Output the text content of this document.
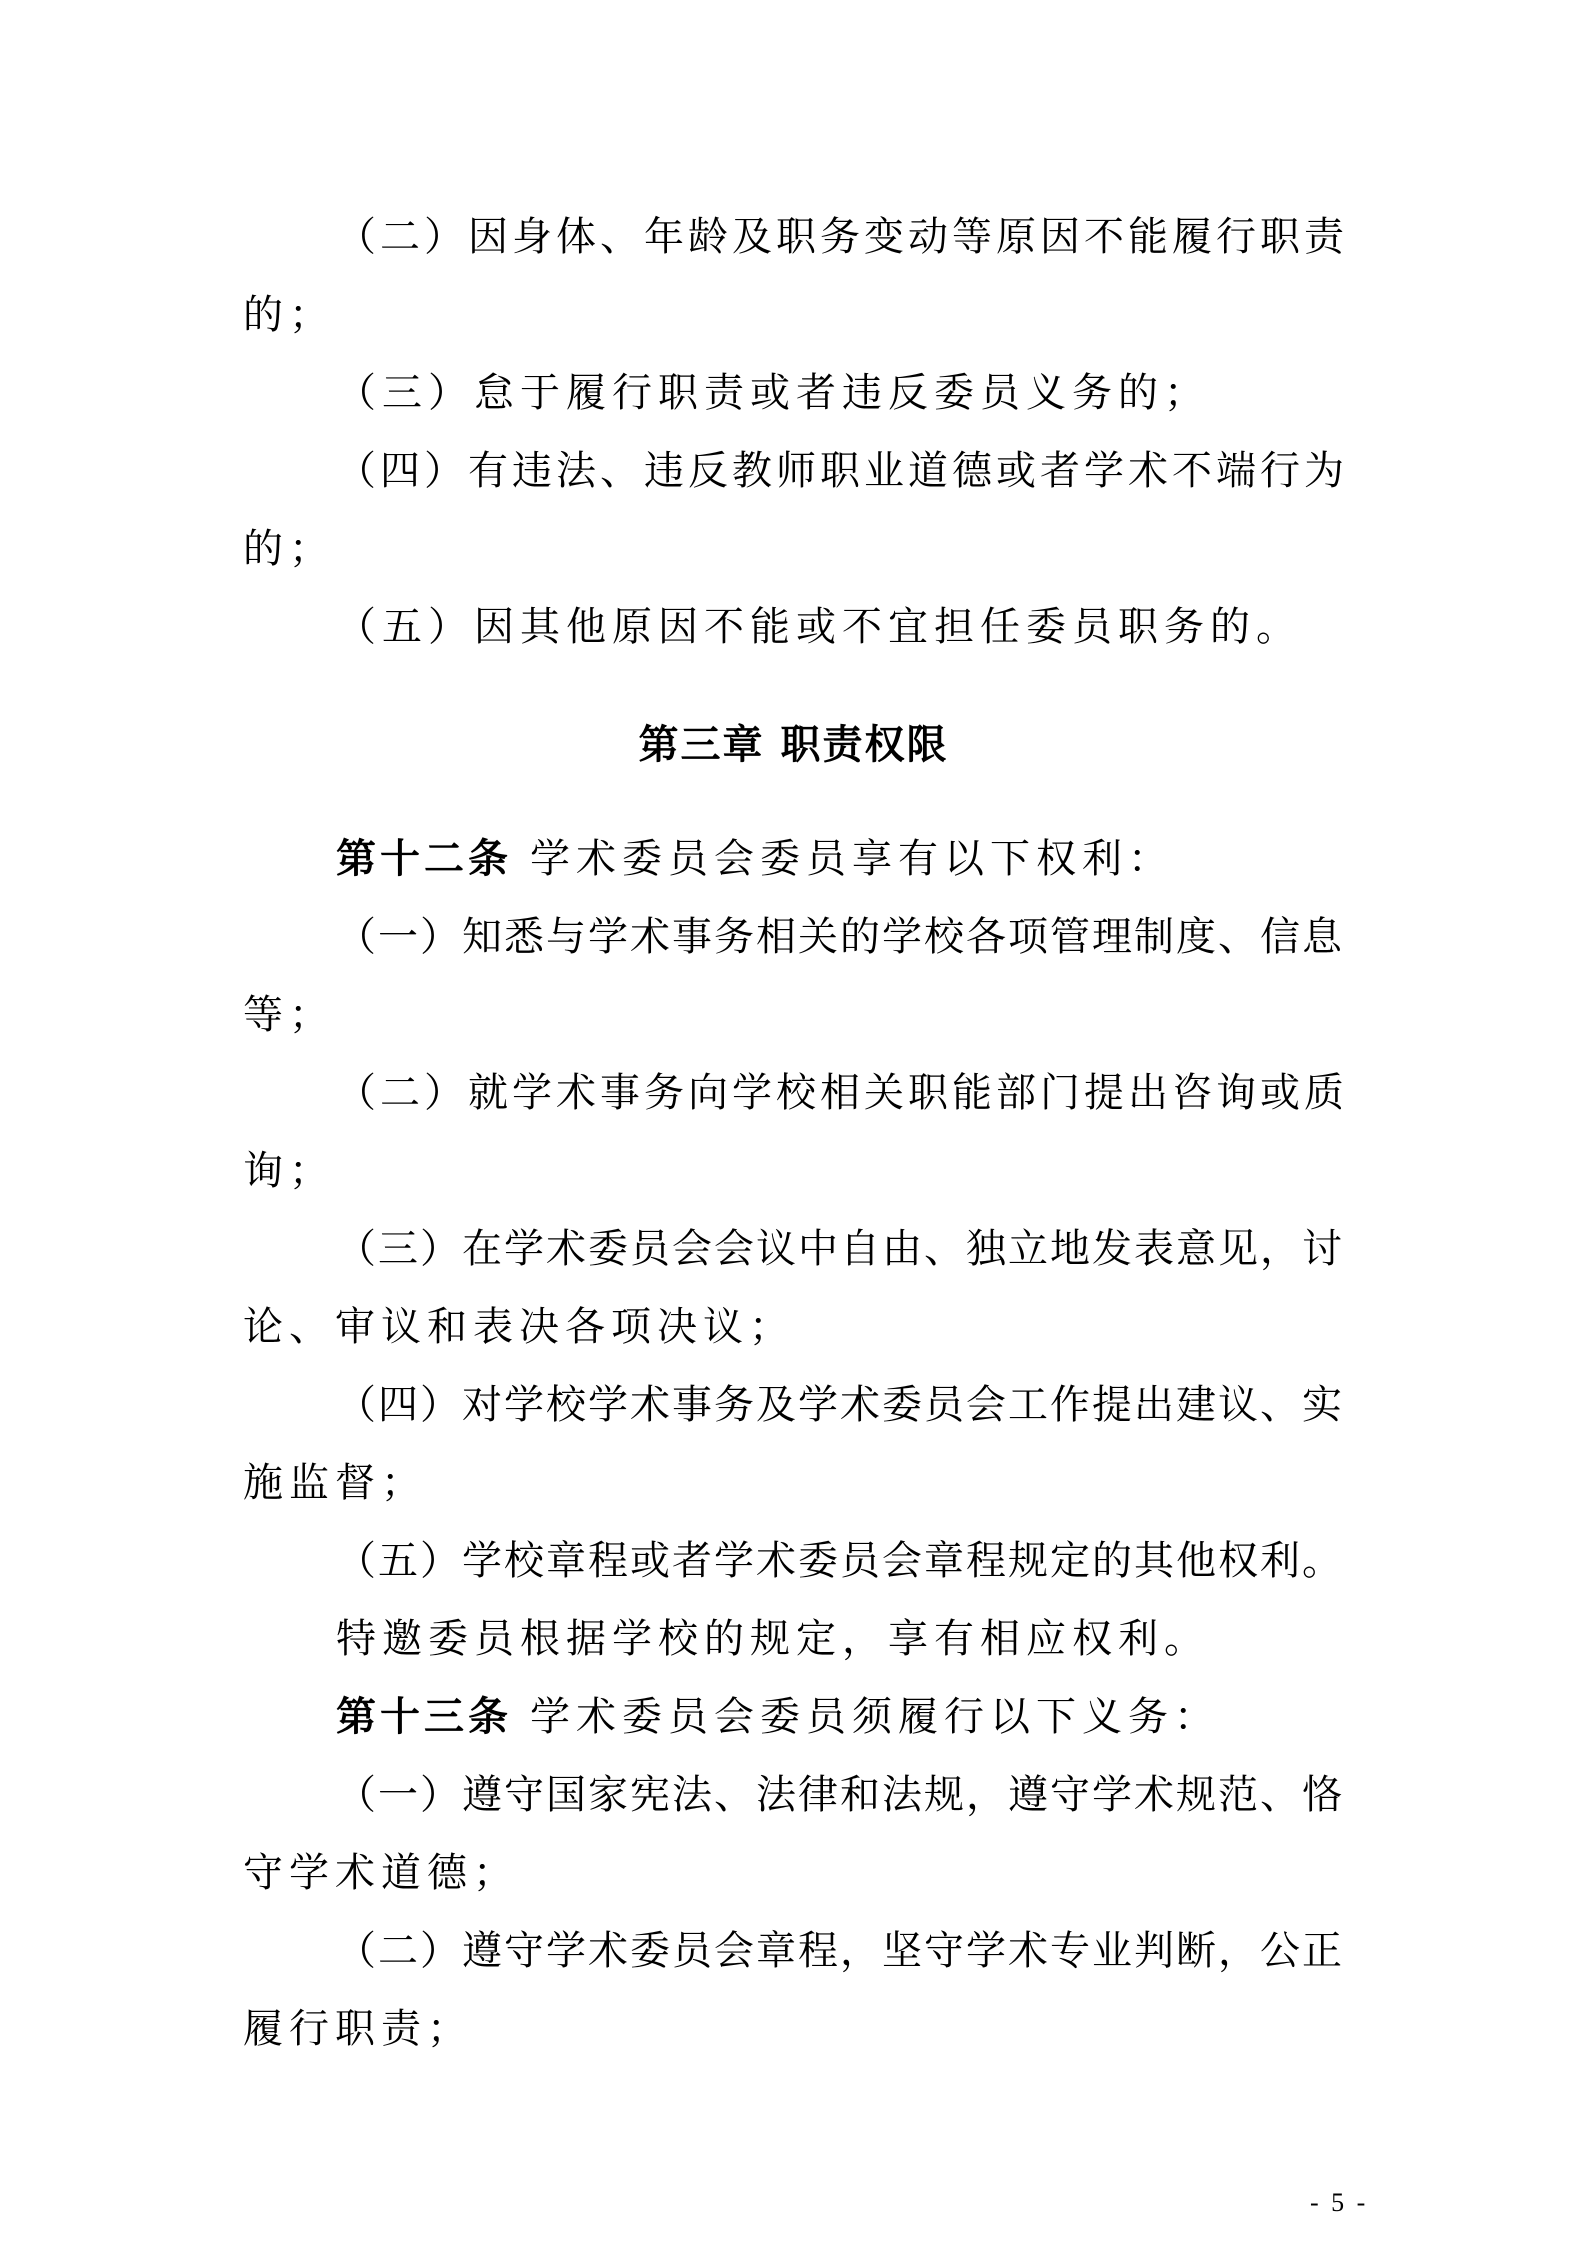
（二）因身体、年龄及职务变动等原因不能履行职责
的；
（三）怠于履行职责或者违反委员义务的；
（四）有违法、违反教师职业道德或者学术不端行为
的；
（五）因其他原因不能或不宜担任委员职务的。
第三章 职责权限
第十二条 学术委员会委员享有以下权利：
（一）知悉与学术事务相关的学校各项管理制度、信息
等；
（二）就学术事务向学校相关职能部门提出咨询或质
询；
（三）在学术委员会会议中自由、独立地发表意见，讨
论、审议和表决各项决议；
（四）对学校学术事务及学术委员会工作提出建议、实
施监督；
（五）学校章程或者学术委员会章程规定的其他权利。
特邀委员根据学校的规定，享有相应权利。
第十三条 学术委员会委员须履行以下义务：
（一）遵守国家宪法、法律和法规，遵守学术规范、恪
守学术道德；
（二）遵守学术委员会章程，坚守学术专业判断，公正
履行职责；
- 5 -
